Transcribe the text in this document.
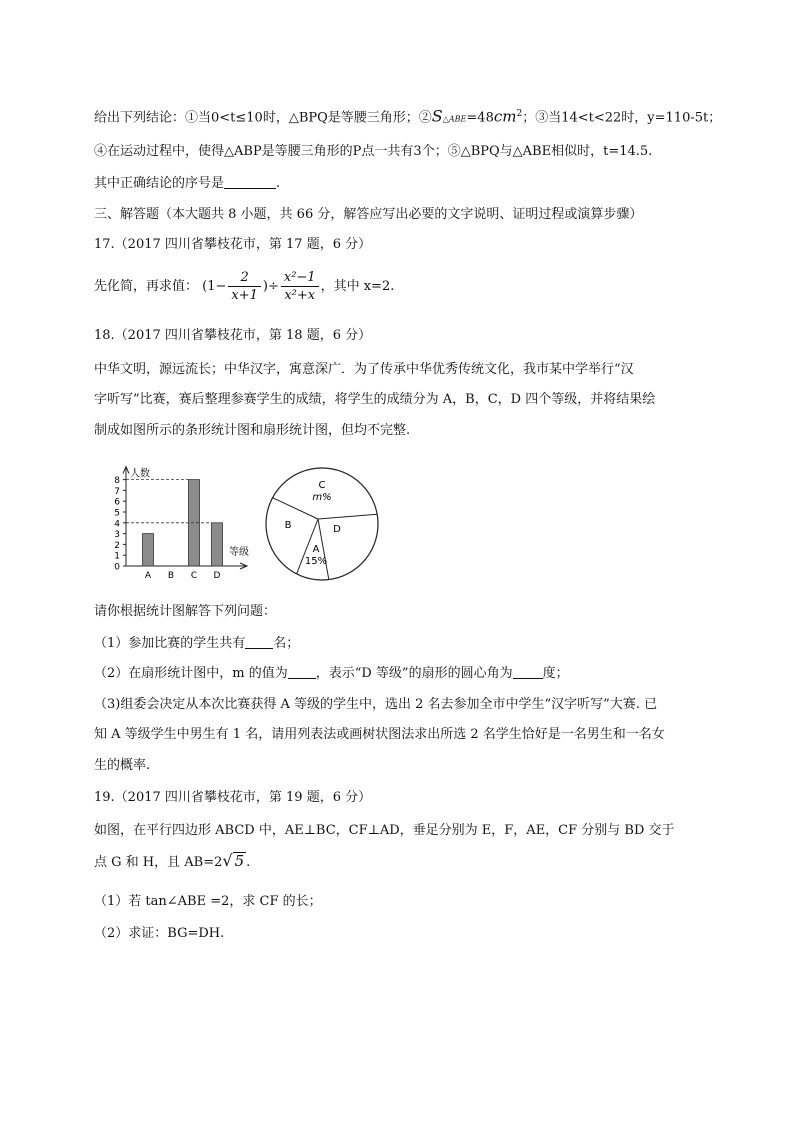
给出下列结论：①当0<t≤10时，△BPQ是等腰三角形；$②S\triangle ABE=48cm^2$；③当14<t<22时，y=110-5t；
④在运动过程中，使得△ABP是等腰三角形的P点一共有3个；⑤△BPQ与△ABE相似时，t=14.5.
其中正确结论的序号是	.
三、解答题（本大题共 8 小题，共 66 分，解答应写出必要的文字说明、证明过程或演算步骤）
17.（2017 四川省攀枝花市，第 17 题，6 分）
先化简，再求值： ($1- \frac{2}{x+1}$ )÷ $\frac{\text{x²−1}}{\text{x²+x}}$ ，其中 x=2.
18.（2017 四川省攀枝花市，第 18 题，6 分）
中华文明，源远流长；中华汉字，寓意深广．为了传承中华优秀传统文化，我市某中学举行“汉
字听写”比赛，赛后整理参赛学生的成绩，将学生的成绩分为 A，B，C，D 四个等级，并将结果绘
制成如图所示的条形统计图和扇形统计图，但均不完整.
人数
等级
0
1
2
3
4
5
6
7
8
A B C D
C
m%
B	D
A
15%
请你根据统计图解答下列问题：
（1）参加比赛的学生共有 名；
（2）在扇形统计图中，m 的值为 ，表示“D 等级”的扇形的圆心角为 度；
（3)组委会决定从本次比赛获得 A 等级的学生中，选出 2 名去参加全市中学生“汉字听写”大赛. 已
知 A 等级学生中男生有 1 名，请用列表法或画树状图法求出所选 2 名学生恰好是一名男生和一名女
生的概率.
19.（2017 四川省攀枝花市，第 19 题，6 分）
如图，在平行四边形 ABCD 中，AE⊥BC，CF⊥AD，垂足分别为 E，F，AE，CF 分别与 BD 交于
点 G 和 H，且 AB=2√ 5 .
（1）若 tan∠ABE =2，求 CF 的长；
（2）求证：BG=DH.
